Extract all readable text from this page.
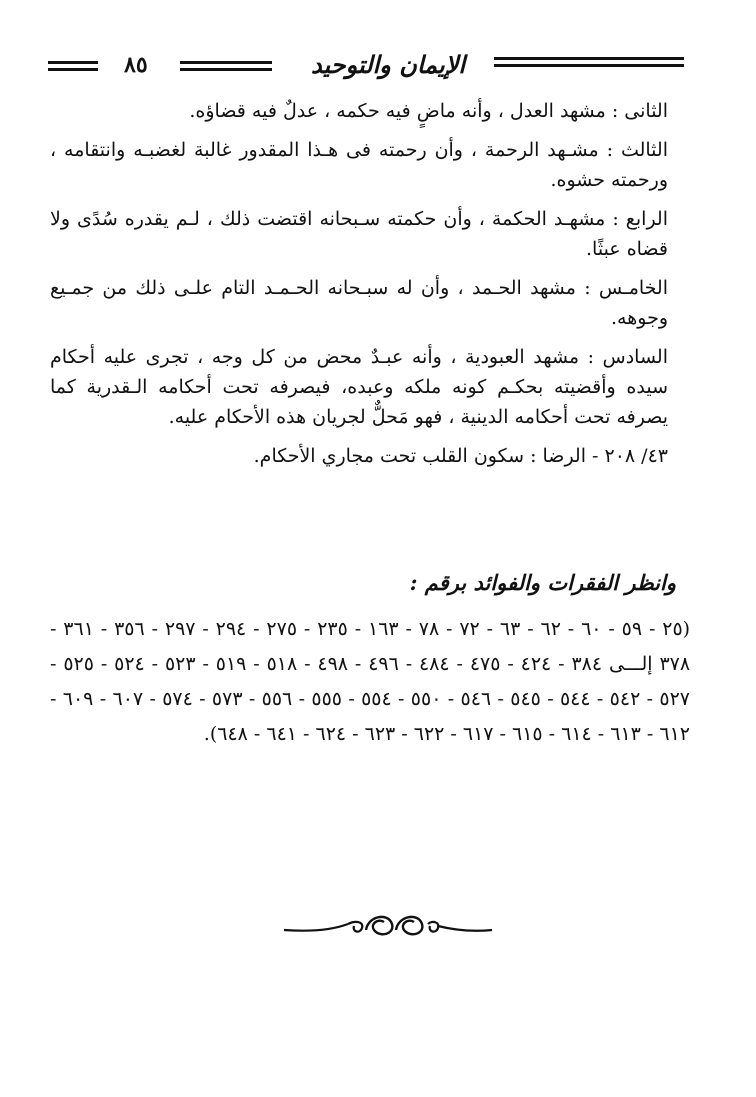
٨٥	الإيمان والتوحيد

الثانى : مشهد العدل ، وأنه ماضٍ فيه حكمه ، عدلٌ فيه قضاؤه.

الثالث : مشـهد الرحمة ، وأن رحمته فى هـذا المقدور غالبة لغضبـه وانتقامه ، ورحمته حشوه.

الرابع : مشهـد الحكمة ، وأن حكمته سـبحانه اقتضت ذلك ، لـم يقدره سُدًى ولا قضاه عبثًا.

الخامـس : مشهد الحـمد ، وأن له سبـحانه الحـمـد التام علـى ذلك من جمـيع وجوهه.

السادس : مشهد العبودية ، وأنه عبـدٌ محض من كل وجه ، تجرى عليه أحكام سيده وأقضيته بحكـم كونه ملكه وعبده، فيصرفه تحت أحكامه الـقدرية كما يصرفه تحت أحكامه الدينية ، فهو مَحلٌّ لجريان هذه الأحكام عليه.

٤٣/ ٢٠٨ - الرضا : سكون القلب تحت مجاري الأحكام.

وانظر الفقرات والفوائد برقم :
(٢٥ - ٥٩ - ٦٠ - ٦٢ - ٦٣ - ٧٢ - ٧٨ - ١٦٣ - ٢٣٥ - ٢٧٥ - ٢٩٤ - ٢٩٧ - ٣٥٦ - ٣٦١ - ٣٧٨ إلـــى ٣٨٤ - ٤٢٤ - ٤٧٥ - ٤٨٤ - ٤٩٦ - ٤٩٨ - ٥١٨ - ٥١٩ - ٥٢٣ - ٥٢٤ - ٥٢٥ - ٥٢٧ - ٥٤٢ - ٥٤٤ - ٥٤٥ - ٥٤٦ - ٥٥٠ - ٥٥٤ - ٥٥٥ - ٥٥٦ - ٥٧٣ - ٥٧٤ - ٦٠٧ - ٦٠٩ - ٦١٢ - ٦١٣ - ٦١٤ - ٦١٥ - ٦١٧ - ٦٢٢ - ٦٢٣ - ٦٢٤ - ٦٤١ - ٦٤٨).
